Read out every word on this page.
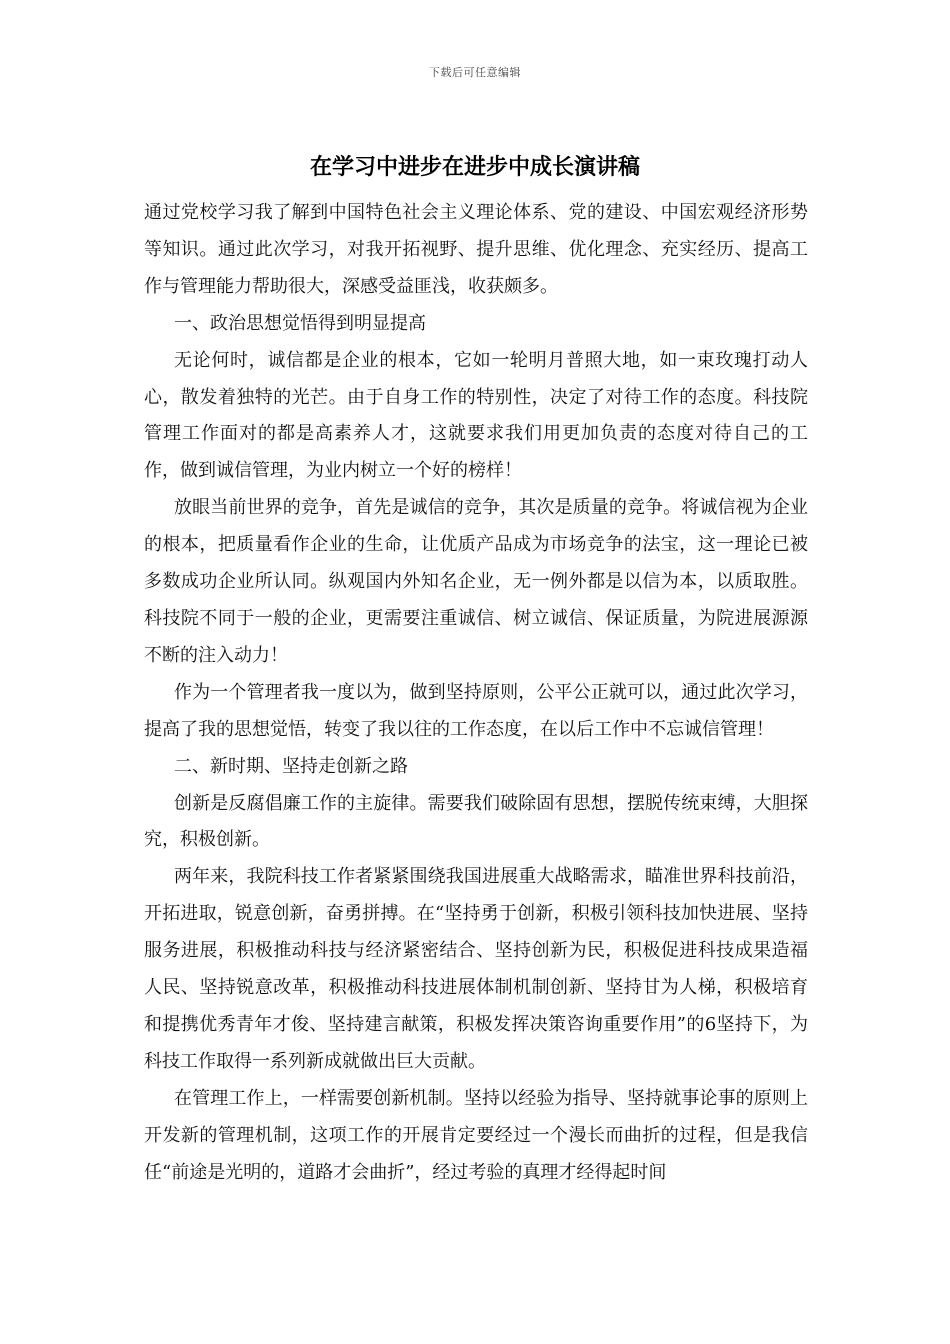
下载后可任意编辑
在学习中进步在进步中成长演讲稿

通过党校学习我了解到中国特色社会主义理论体系、党的建设、中国宏观经济形势等知识。通过此次学习，对我开拓视野、提升思维、优化理念、充实经历、提高工作与管理能力帮助很大，深感受益匪浅，收获颇多。

一、政治思想觉悟得到明显提高

无论何时，诚信都是企业的根本，它如一轮明月普照大地，如一束玫瑰打动人心，散发着独特的光芒。由于自身工作的特别性，决定了对待工作的态度。科技院管理工作面对的都是高素养人才，这就要求我们用更加负责的态度对待自己的工作，做到诚信管理，为业内树立一个好的榜样！

放眼当前世界的竞争，首先是诚信的竞争，其次是质量的竞争。将诚信视为企业的根本，把质量看作企业的生命，让优质产品成为市场竞争的法宝，这一理论已被多数成功企业所认同。纵观国内外知名企业，无一例外都是以信为本，以质取胜。科技院不同于一般的企业，更需要注重诚信、树立诚信、保证质量，为院进展源源不断的注入动力！

作为一个管理者我一度以为，做到坚持原则，公平公正就可以，通过此次学习，提高了我的思想觉悟，转变了我以往的工作态度，在以后工作中不忘诚信管理！

二、新时期、坚持走创新之路

创新是反腐倡廉工作的主旋律。需要我们破除固有思想，摆脱传统束缚，大胆探究，积极创新。

两年来，我院科技工作者紧紧围绕我国进展重大战略需求，瞄准世界科技前沿，开拓进取，锐意创新，奋勇拼搏。在“坚持勇于创新，积极引领科技加快进展、坚持服务进展，积极推动科技与经济紧密结合、坚持创新为民，积极促进科技成果造福人民、坚持锐意改革，积极推动科技进展体制机制创新、坚持甘为人梯，积极培育和提携优秀青年才俊、坚持建言献策，积极发挥决策咨询重要作用”的6坚持下，为科技工作取得一系列新成就做出巨大贡献。

在管理工作上，一样需要创新机制。坚持以经验为指导、坚持就事论事的原则上开发新的管理机制，这项工作的开展肯定要经过一个漫长而曲折的过程，但是我信任“前途是光明的，道路才会曲折”，经过考验的真理才经得起时间
